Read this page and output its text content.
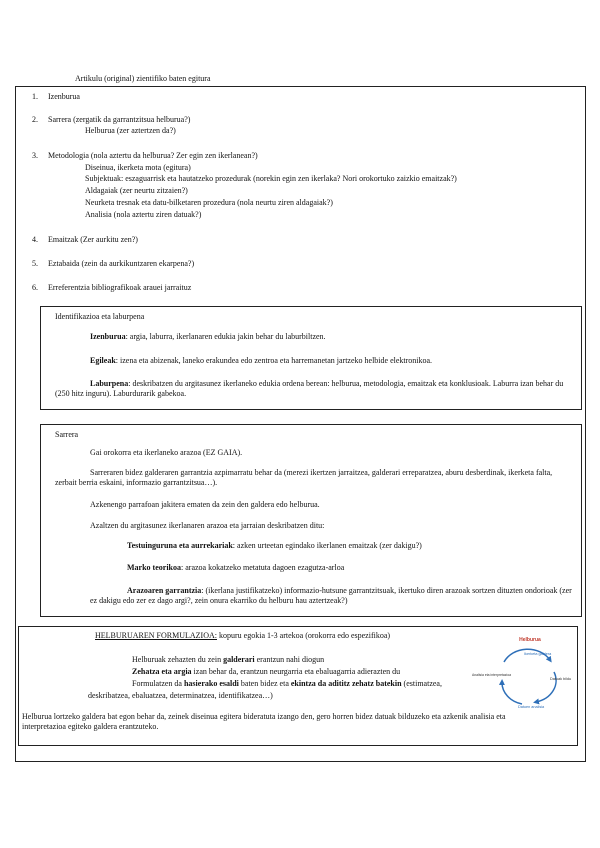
Artikulu (original) zientifiko baten egitura
1. Izenburua
2. Sarrera (zergatik da garrantzitsua helburua?)
Helburua (zer aztertzen da?)
3. Metodologia (nola aztertu da helburua? Zer egin zen ikerlanean?)
Diseinua, ikerketa mota (egitura)
Subjektuak: eszaguarrisk eta hautatzeko prozedurak (norekin egin zen ikerlaka? Nori orokortuko zaizkio emaitzak?)
Aldagaiak (zer neurtu zitzaien?)
Neurketa tresnak eta datu-bilketaren prozedura (nola neurtu ziren aldagaiak?)
Analisia (nola aztertu ziren datuak?)
4. Emaitzak (Zer aurkitu zen?)
5. Eztabaida (zein da aurkikuntzaren ekarpena?)
6. Erreferentzia bibliografikoak arauei jarraituz
Identifikazioa eta laburpena
Izenburua: argia, laburra, ikerlanaren edukia jakin behar du laburbiltzen.
Egileak: izena eta abizenak, laneko erakundea edo zentroa eta harremanetan jartzeko helbide elektronikoa.
Laburpena: deskribatzen du argitasunez ikerlaneko edukia ordena berean: helburua, metodologia, emaitzak eta konklusioak. Laburra izan behar du (250 hitz inguru). Laburdurarik gabekoa.
Sarrera
Gai orokorra eta ikerlaneko arazoa (EZ GAIA).
Sarreraren bidez galderaren garrantzia azpimarratu behar da (merezi ikertzen jarraitzea, galderari erreparatzea, aburu desberdinak, ikerketa falta, zerbait berria eskaini, informazio garrantzitsua…).
Azkenengo parrafoan jakitera ematen da zein den galdera edo helburua.
Azaltzen du argitasunez ikerlanaren arazoa eta jarraian deskribatzen ditu:
Testuinguruna eta aurrekariak: azken urteetan egindako ikerlanen emaitzak (zer dakigu?)
Marko teorikoa: arazoa kokatzeko metatuta dagoen ezagutza-arloa
Arazoaren garrantzia: (ikerlana justifikatzeko) informazio-hutsune garrantzitsuak, ikertuko diren arazoak sortzen dituzten ondorioak (zer ez dakigu edo zer ez dago argi?, zein onura ekarriko du helburu hau aztertzeak?)
HELBURUAREN FORMULAZIOA: kopuru egokia 1-3 artekoa (orokorra edo espezifikoa)
Helburuak zehazten du zein galderari erantzun nahi diogun
Zehatza eta argia izan behar da, erantzun neurgarria eta ebaluagarria adierazten du
Formulatzen da hasierako esaldi baten bidez eta ekintza da adititz zehatz batekin (estimatzea,
deskribatzea, ebaluatzea, determinatzea, identifikatzea…)
Helburua lortzeko galdera bat egon behar da, zeinek diseinua egitera bideratuta izango den, gero horren bidez datuak bilduzeko eta azkenik analisia eta interpretazioa egiteko galdera erantzuteko.
Helburua
Ikerketa galdera
Datuak bildu
Datuen analisia
Analisia eta interpretazioa
